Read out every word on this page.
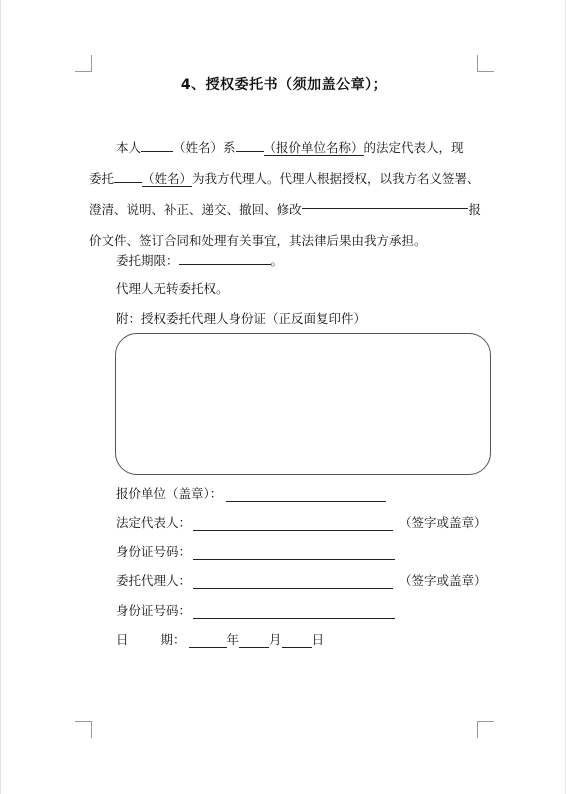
4、授权委托书（须加盖公章）；
本人	（姓名）系 （报价单位名称）的法定代表人，现
委托 （姓名）为我方代理人。代理人根据授权，以我方名义签署、
澄清 、说明 、补正 、递交 、撤回 、修改	报
价文件、签订合同和处理有关事宜，其法律后果由我方承担。
委托期限：	。
代理人无转委托权。
附：授权委托代理人身份证（正反面复印件）
报价单位（盖章）：
法定代表人：	（签字或盖章）
身份证号码：
委托代理人：	（签字或盖章）
身份证号码：
日	期：	年 月 日
